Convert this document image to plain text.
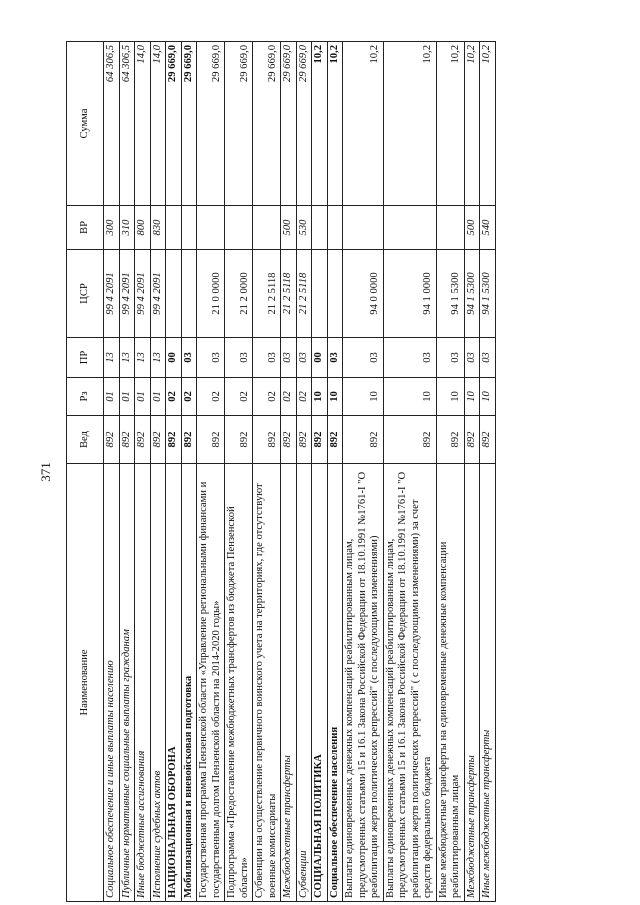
371
Наименование	Вед	Рз	ПР	ЦСР	ВР	Сумма
Социальное обеспечение и иные выплаты населению	892	01	13	99 4 2091	300	64 306,5
Публичные нормативные социальные выплаты гражданам	892	01	13	99 4 2091	310	64 306,5
Иные бюджетные ассигнования	892	01	13	99 4 2091	800	14,0
Исполнение судебных актов	892	01	13	99 4 2091	830	14,0
НАЦИОНАЛЬНАЯ ОБОРОНА	892	02	00			29 669,0
Мобилизационная и вневойсковая подготовка	892	02	03			29 669,0
Государственная программа Пензенской области «Управление региональными финансами и государственным долгом Пензенской области на 2014-2020 годы»	892	02	03	21 0 0000		29 669,0
Подпрограмма «Предоставление межбюджетных трансфертов из бюджета Пензенской области»	892	02	03	21 2 0000		29 669,0
Субвенции на осуществление первичного воинского учета на территориях, где отсутствуют военные комиссариаты	892	02	03	21 2 5118		29 669,0
Межбюджетные трансферты	892	02	03	21 2 5118	500	29 669,0
Субвенции	892	02	03	21 2 5118	530	29 669,0
СОЦИАЛЬНАЯ ПОЛИТИКА	892	10	00			10,2
Социальное обеспечение населения	892	10	03			10,2
Выплаты единовременных денежных компенсаций реабилитированным лицам, предусмотренных статьями 15 и 16.1 Закона Российской Федерации от 18.10.1991 №1761-I "О реабилитации жертв политических репрессий" (с последующими изменениями)	892	10	03	94 0 0000		10,2
Выплаты единовременных денежных компенсаций реабилитированным лицам, предусмотренных статьями 15 и 16.1 Закона Российской Федерации от 18.10.1991 №1761-I "О реабилитации жертв политических репрессий" ( с последующими изменениями) за счет средств федерального бюджета	892	10	03	94 1 0000		10,2
Иные межбюджетные трансферты на единовременные денежные компенсации реабилитированным лицам	892	10	03	94 1 5300		10,2
Межбюджетные трансферты	892	10	03	94 1 5300	500	10,2
Иные межбюджетные трансферты	892	10	03	94 1 5300	540	10,2
